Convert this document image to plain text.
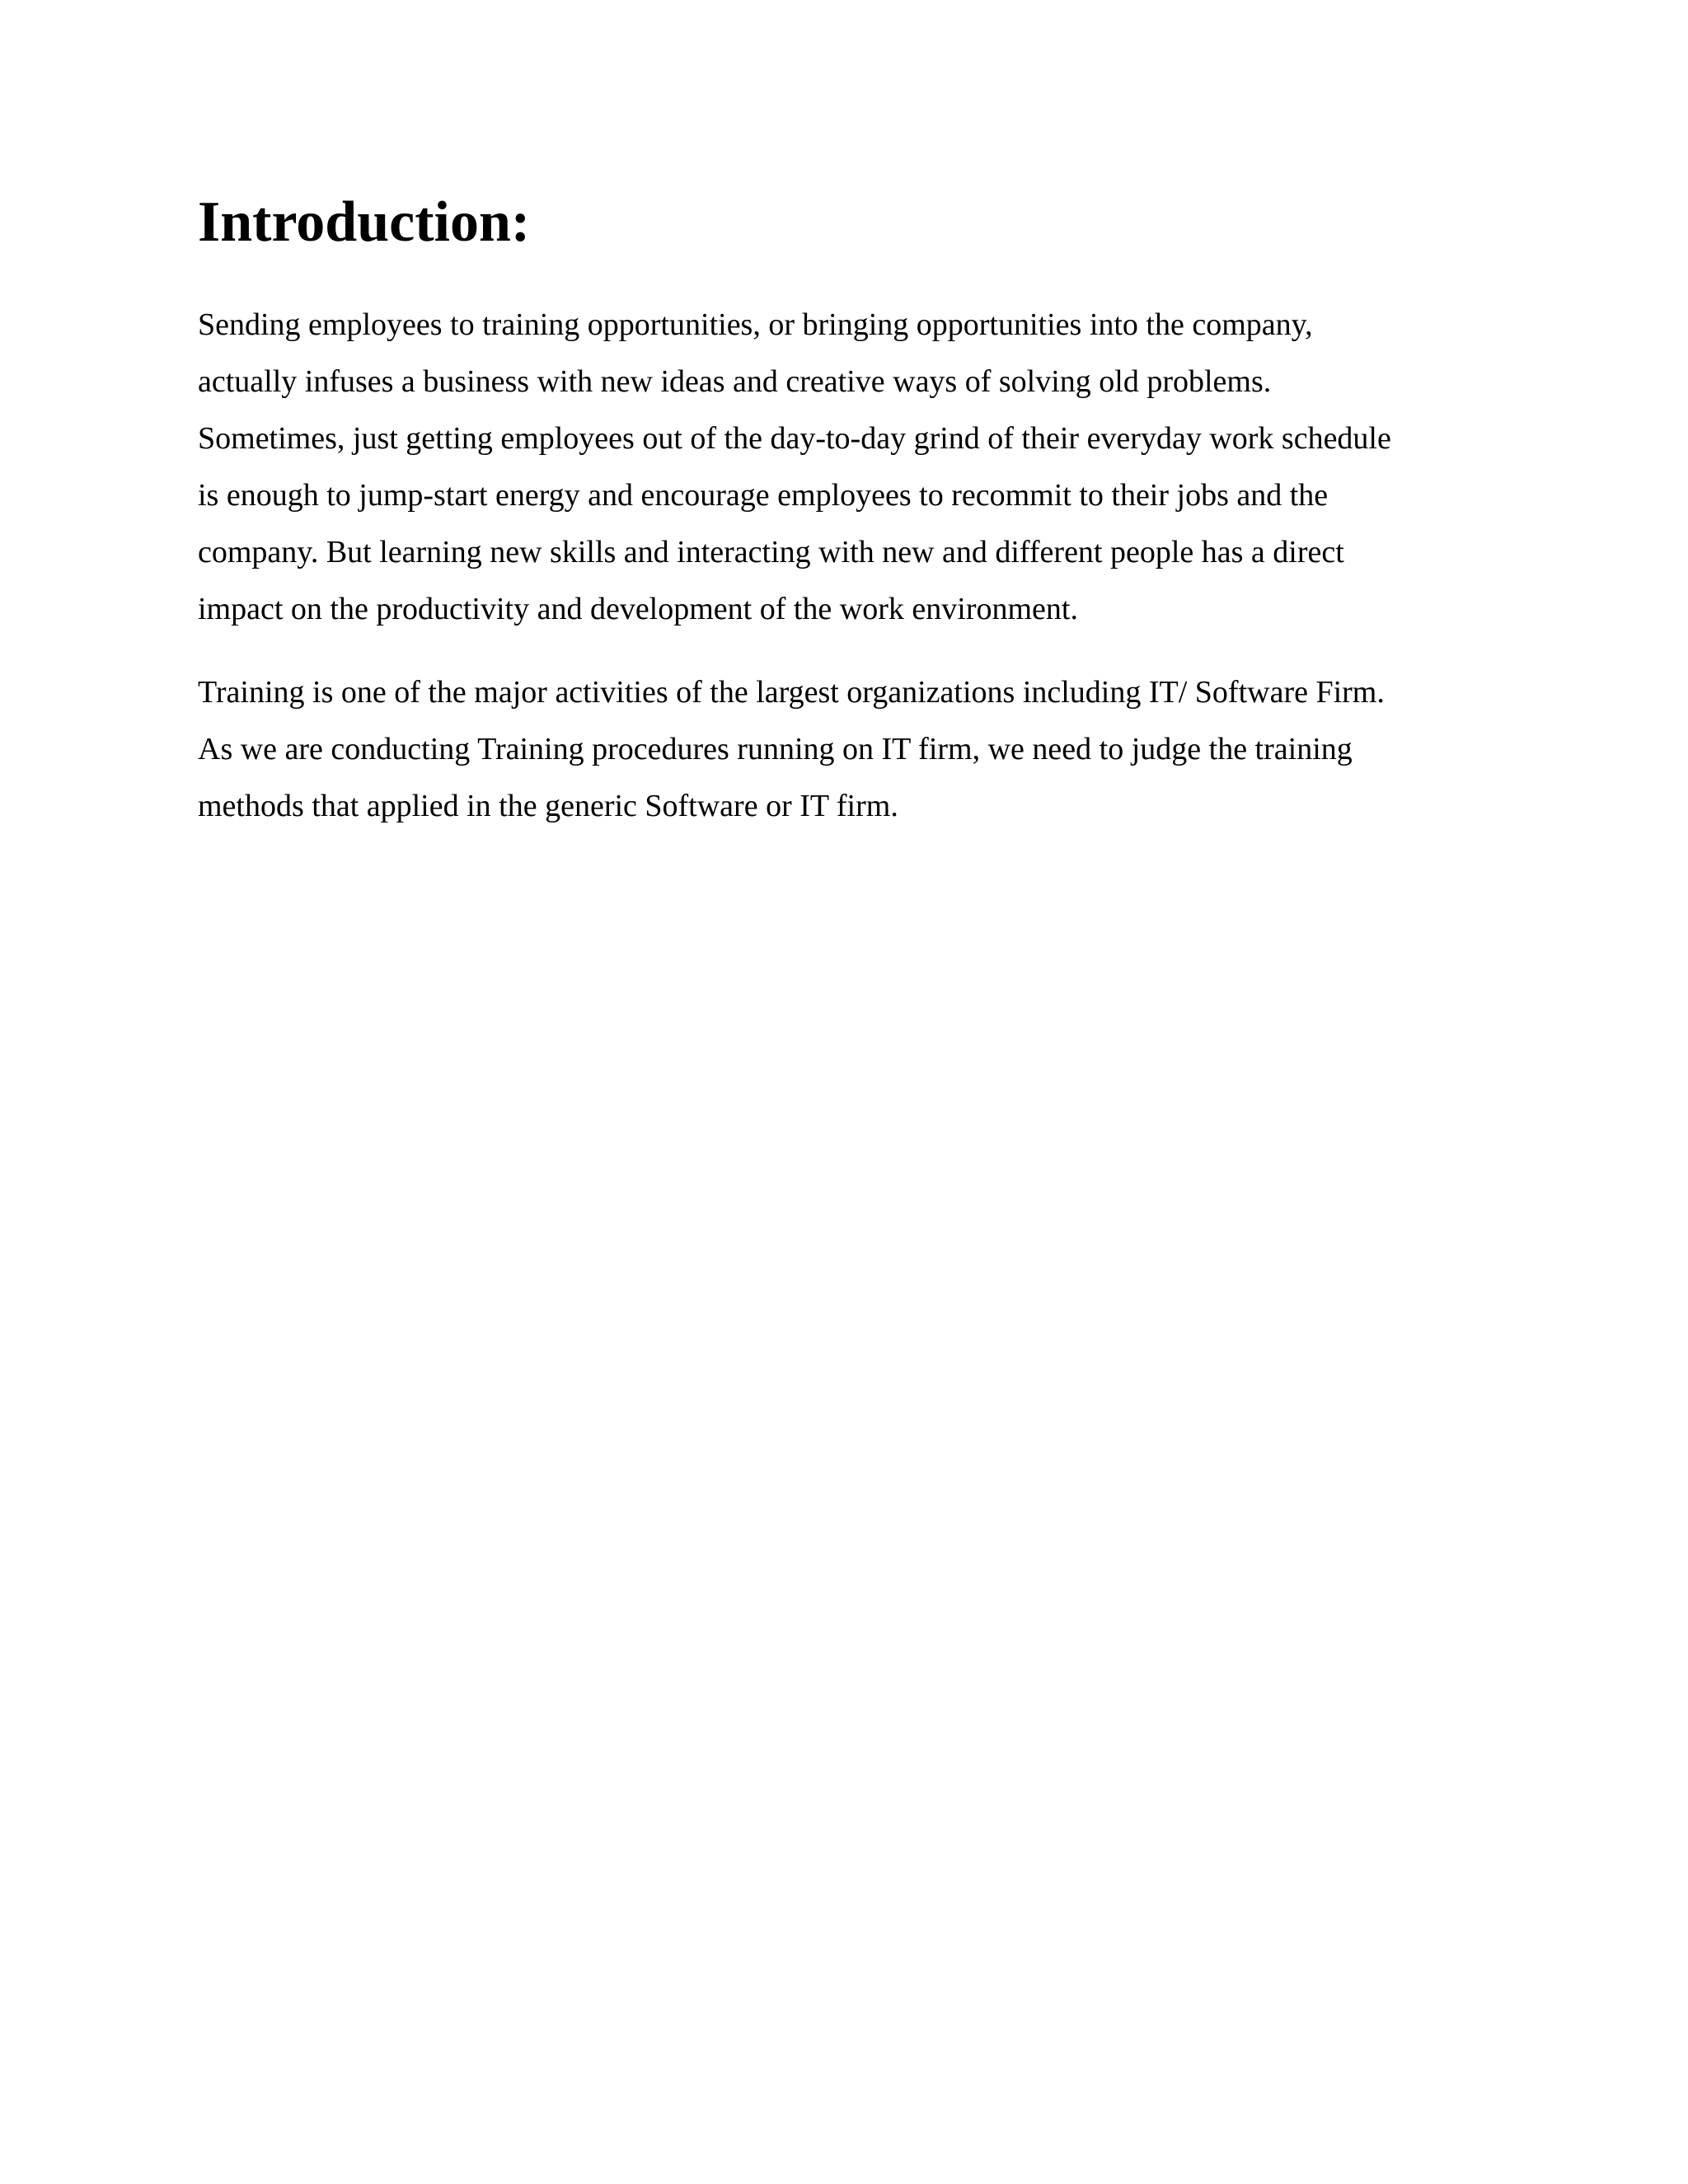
Introduction:

Sending employees to training opportunities, or bringing opportunities into the company,
actually infuses a business with new ideas and creative ways of solving old problems.
Sometimes, just getting employees out of the day-to-day grind of their everyday work schedule
is enough to jump-start energy and encourage employees to recommit to their jobs and the
company. But learning new skills and interacting with new and different people has a direct
impact on the productivity and development of the work environment.

Training is one of the major activities of the largest organizations including IT/ Software Firm.
As we are conducting Training procedures running on IT firm, we need to judge the training
methods that applied in the generic Software or IT firm.
